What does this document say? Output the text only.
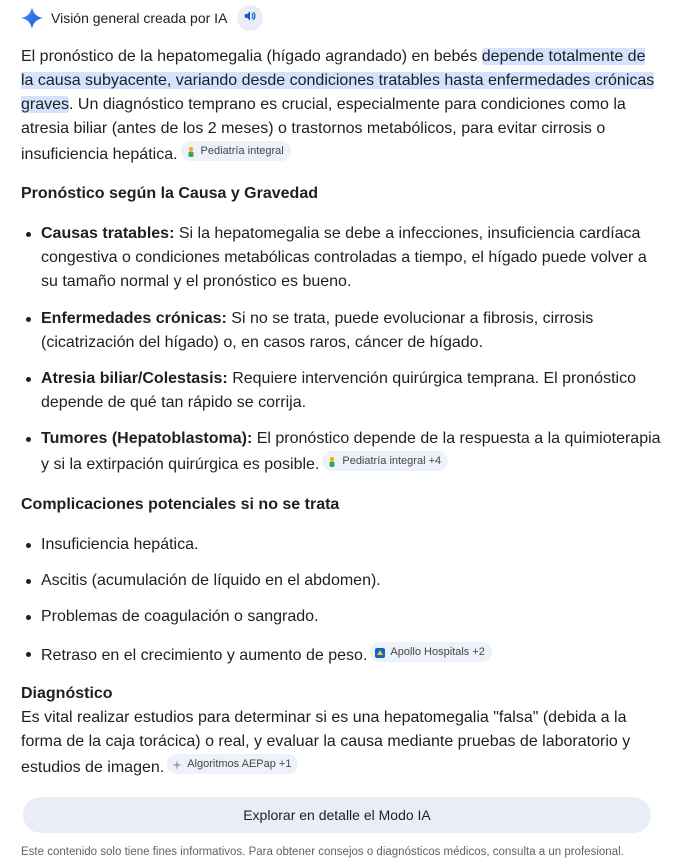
Visión general creada por IA

El pronóstico de la hepatomegalia (hígado agrandado) en bebés depende totalmente de la causa subyacente, variando desde condiciones tratables hasta enfermedades crónicas graves. Un diagnóstico temprano es crucial, especialmente para condiciones como la atresia biliar (antes de los 2 meses) o trastornos metabólicos, para evitar cirrosis o insuficiencia hepática. Pediatría integral

Pronóstico según la Causa y Gravedad
Causas tratables: Si la hepatomegalia se debe a infecciones, insuficiencia cardíaca congestiva o condiciones metabólicas controladas a tiempo, el hígado puede volver a su tamaño normal y el pronóstico es bueno.
Enfermedades crónicas: Si no se trata, puede evolucionar a fibrosis, cirrosis (cicatrización del hígado) o, en casos raros, cáncer de hígado.
Atresia biliar/Colestasis: Requiere intervención quirúrgica temprana. El pronóstico depende de qué tan rápido se corrija.
Tumores (Hepatoblastoma): El pronóstico depende de la respuesta a la quimioterapia y si la extirpación quirúrgica es posible. Pediatría integral +4
Complicaciones potenciales si no se trata
Insuficiencia hepática.
Ascitis (acumulación de líquido en el abdomen).
Problemas de coagulación o sangrado.
Retraso en el crecimiento y aumento de peso. Apollo Hospitals +2
Diagnóstico

Es vital realizar estudios para determinar si es una hepatomegalia "falsa" (debida a la forma de la caja torácica) o real, y evaluar la causa mediante pruebas de laboratorio y estudios de imagen. Algoritmos AEPap +1

Explorar en detalle el Modo IA
Este contenido solo tiene fines informativos. Para obtener consejos o diagnósticos médicos, consulta a un profesional.
